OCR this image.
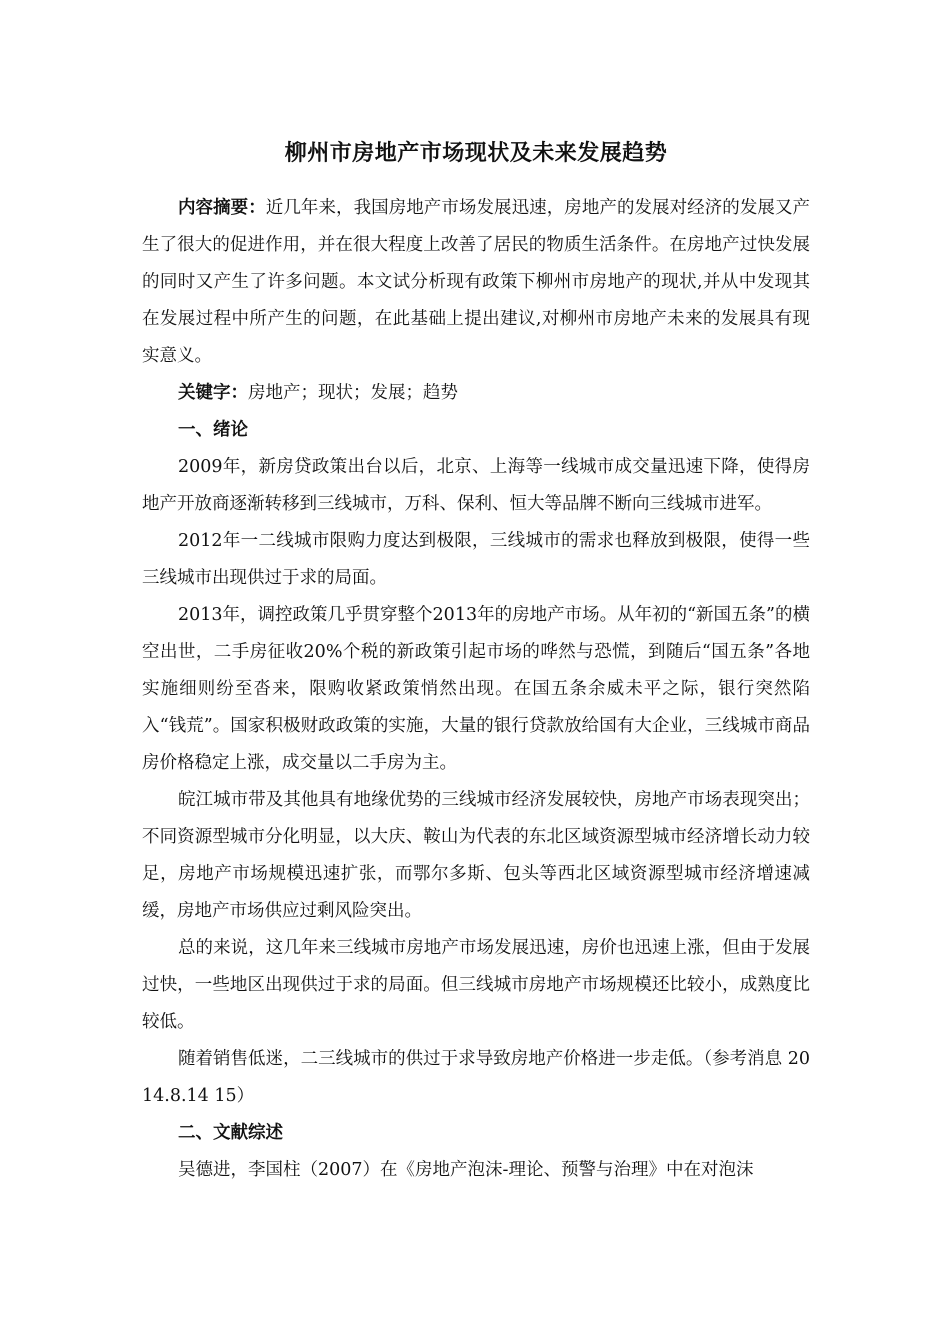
柳州市房地产市场现状及未来发展趋势

内容摘要：近几年来，我国房地产市场发展迅速，房地产的发展对经济的发展又产生了很大的促进作用，并在很大程度上改善了居民的物质生活条件。在房地产过快发展的同时又产生了许多问题。本文试分析现有政策下柳州市房地产的现状,并从中发现其在发展过程中所产生的问题，在此基础上提出建议,对柳州市房地产未来的发展具有现实意义。

关键字：房地产；现状；发展；趋势

一、绪论

2009年，新房贷政策出台以后，北京、上海等一线城市成交量迅速下降，使得房地产开放商逐渐转移到三线城市，万科、保利、恒大等品牌不断向三线城市进军。

2012年一二线城市限购力度达到极限，三线城市的需求也释放到极限，使得一些三线城市出现供过于求的局面。

2013年，调控政策几乎贯穿整个2013年的房地产市场。从年初的“新国五条”的横空出世，二手房征收20%个税的新政策引起市场的哗然与恐慌，到随后“国五条”各地实施细则纷至沓来，限购收紧政策悄然出现。在国五条余威未平之际，银行突然陷入“钱荒”。国家积极财政政策的实施，大量的银行贷款放给国有大企业，三线城市商品房价格稳定上涨，成交量以二手房为主。

皖江城市带及其他具有地缘优势的三线城市经济发展较快，房地产市场表现突出；不同资源型城市分化明显，以大庆、鞍山为代表的东北区域资源型城市经济增长动力较足，房地产市场规模迅速扩张，而鄂尔多斯、包头等西北区域资源型城市经济增速减缓，房地产市场供应过剩风险突出。

总的来说，这几年来三线城市房地产市场发展迅速，房价也迅速上涨，但由于发展过快，一些地区出现供过于求的局面。但三线城市房地产市场规模还比较小，成熟度比较低。

随着销售低迷，二三线城市的供过于求导致房地产价格进一步走低。（参考消息 2014.8.14 15）

二、文献综述

吴德进，李国柱（2007）在《房地产泡沫-理论、预警与治理》中在对泡沫
